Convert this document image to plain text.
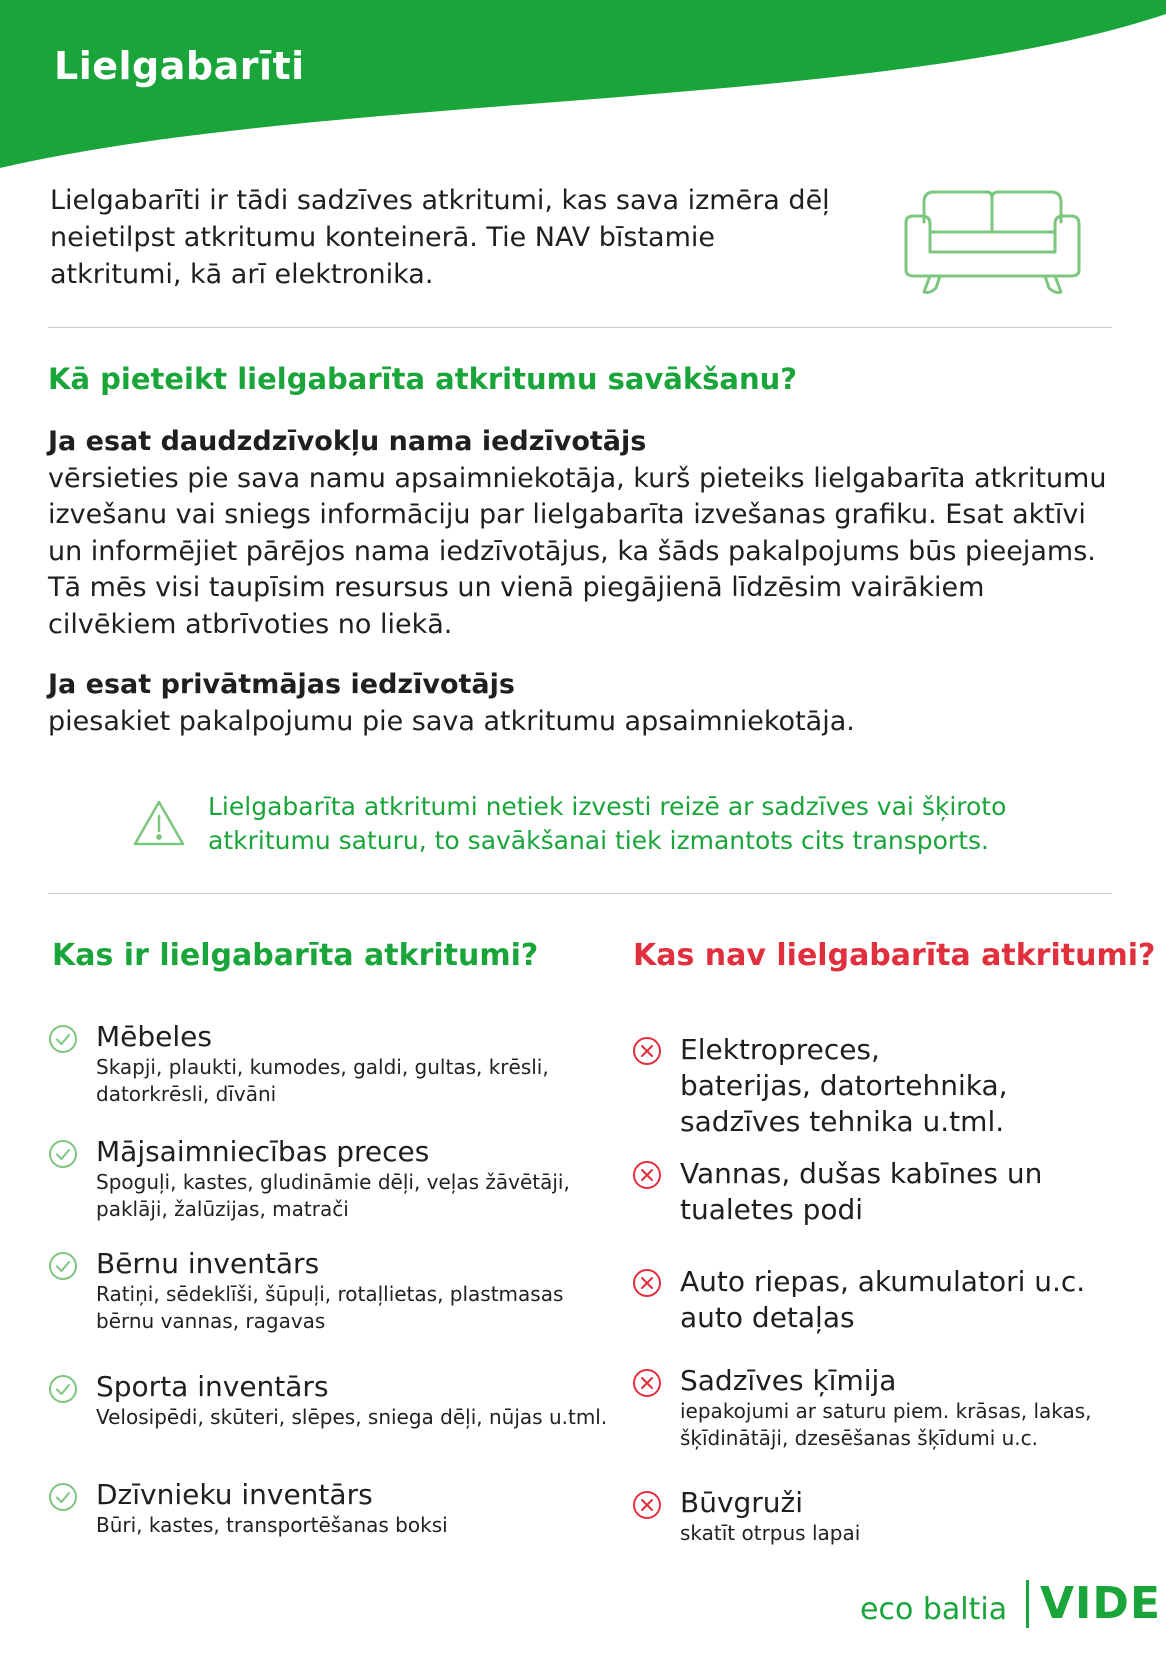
Lielgabarīti

Lielgabarīti ir tādi sadzīves atkritumi, kas sava izmēra dēļ neietilpst atkritumu konteinerā. Tie NAV bīstamie atkritumi, kā arī elektronika.

Kā pieteikt lielgabarīta atkritumu savākšanu?
Ja esat daudzdzīvokļu nama iedzīvotājs
vērsieties pie sava namu apsaimniekotāja, kurš pieteiks lielgabarīta atkritumu izvešanu vai sniegs informāciju par lielgabarīta izvešanas grafiku. Esat aktīvi un informējiet pārējos nama iedzīvotājus, ka šāds pakalpojums būs pieejams. Tā mēs visi taupīsim resursus un vienā piegājienā līdzēsim vairākiem cilvēkiem atbrīvoties no liekā.
Ja esat privātmājas iedzīvotājs
piesakiet pakalpojumu pie sava atkritumu apsaimniekotāja.

Lielgabarīta atkritumi netiek izvesti reizē ar sadzīves vai šķiroto atkritumu saturu, to savākšanai tiek izmantots cits transports.

Kas ir lielgabarīta atkritumi?	Kas nav lielgabarīta atkritumi?

Mēbeles

Skapji, plaukti, kumodes, galdi, gultas, krēsli, datorkrēsli, dīvāni

Mājsaimniecības preces

Spoguļi, kastes, gludināmie dēļi, veļas žāvētāji, paklāji, žalūzijas, matrači

Bērnu inventārs

Ratiņi, sēdeklīši, šūpuļi, rotaļlietas, plastmasas bērnu vannas, ragavas

Sporta inventārs

Velosipēdi, skūteri, slēpes, sniega dēļi, nūjas u.tml.

Dzīvnieku inventārs

Būri, kastes, transportēšanas boksi

Elektropreces, baterijas, datortehnika, sadzīves tehnika u.tml.

Vannas, dušas kabīnes un tualetes podi

Auto riepas, akumulatori u.c. auto detaļas

Sadzīves ķīmija

iepakojumi ar saturu piem. krāsas, lakas, šķīdinātāji, dzesēšanas šķīdumi u.c.

Būvgruži

skatīt otrpus lapai

eco baltia VIDE
